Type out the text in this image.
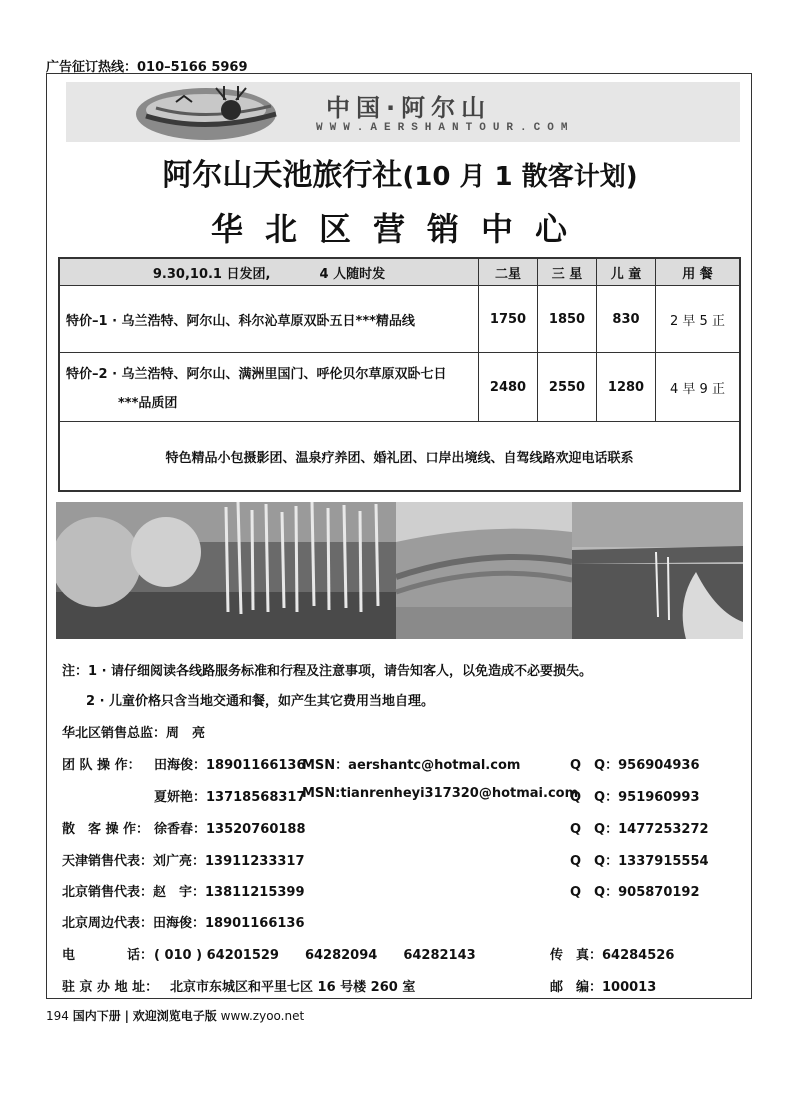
广告征订热线：010–5166 5969
中国·阿尔山
WWW.AERSHANTOUR.COM
阿尔山天池旅行社(10 月 1 散客计划)
华北区营销中心
9.30,10.1 日发团, 4 人随时发	二星	三 星	儿 童	用 餐
特价–1 · 乌兰浩特、阿尔山、科尔沁草原双卧五日***精品线	1750	1850	830	2 早 5 正
特价–2 · 乌兰浩特、阿尔山、满洲里国门、呼伦贝尔草原双卧七日
***品质团	2480	2550	1280	4 早 9 正
特色精品小包摄影团、温泉疗养团、婚礼团、口岸出境线、自驾线路欢迎电话联系				
注：1 · 请仔细阅读各线路服务标准和行程及注意事项，请告知客人，以免造成不必要损失。
2 · 儿童价格只含当地交通和餐，如产生其它费用当地自理。
华北区销售总监：周　亮
团 队 操 作： 田海俊：18901166136
MSN：aershantc@hotmal.com	Q　Q：956904936
夏妍艳：13718568317
MSN:tianrenheyi317320@hotmai.com
Q　Q：951960993
散　客 操 作： 徐香春：13520760188	Q　Q：1477253272
天津销售代表：刘广亮：13911233317	Q　Q：1337915554
北京销售代表：赵　宇：13811215399	Q　Q：905870192
北京周边代表：田海俊：18901166136
电　　　　话： ( 010 ) 64201529　　64282094　　64282143	传　真：64284526
驻 京 办 地 址： 北京市东城区和平里七区 16 号楼 260 室	邮　编：100013
194 国内下册 | 欢迎浏览电子版 www.zyoo.net
